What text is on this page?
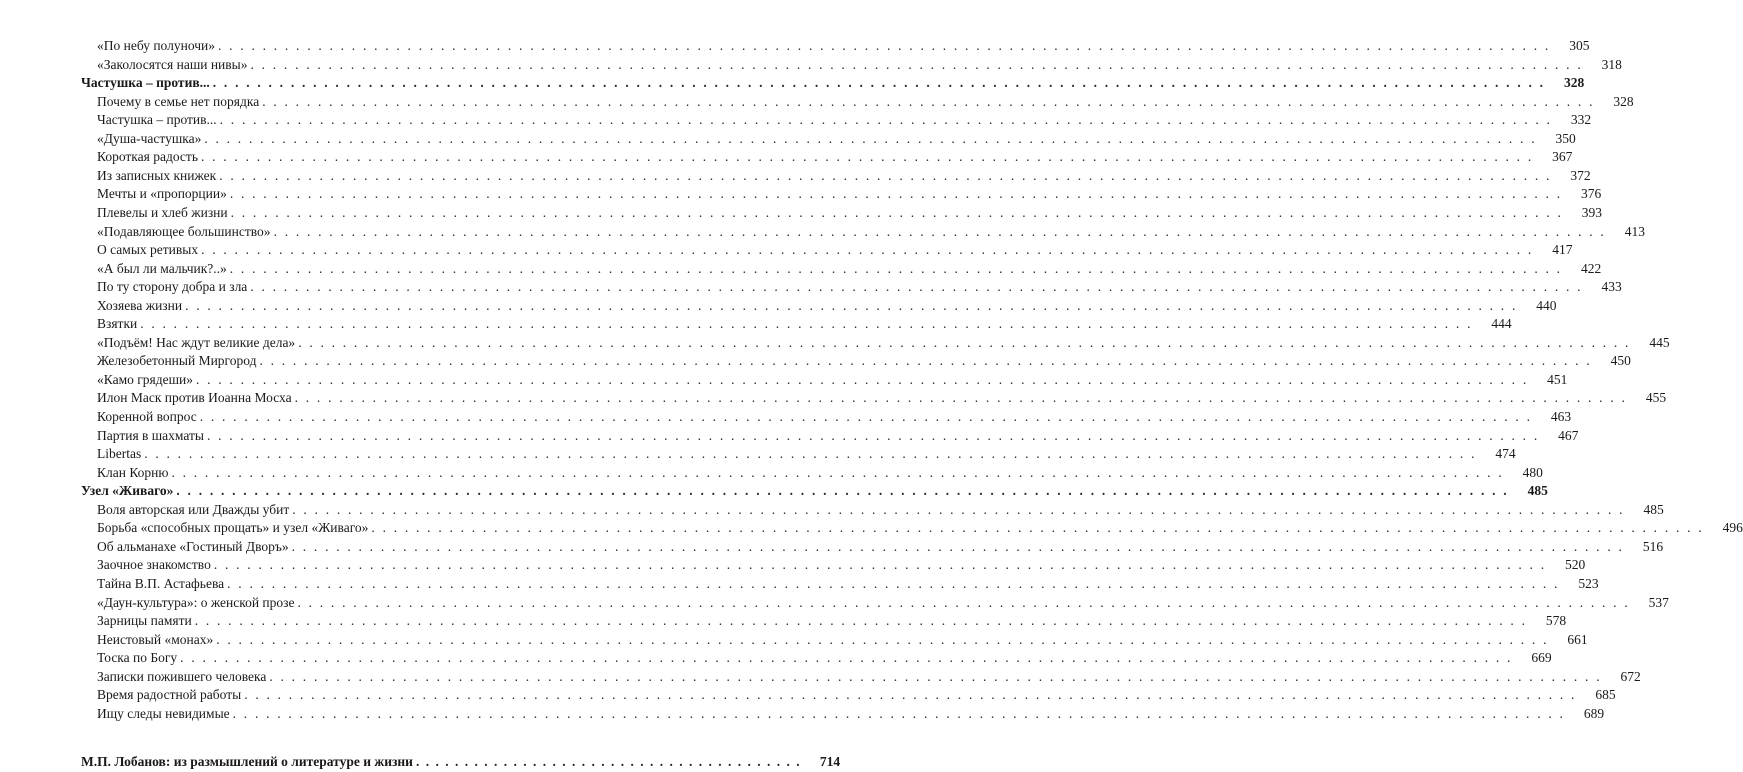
«По небу полуночи» . . . . . . . . . . . . . . . . . . . . . . . . . . . . . . . . . . . . . . . . . . . . . . . . . . . . . . . . . . . . . . . . . . . . . . . . . . . . . . . . . . . . . . . . . . . . . . . . . . . . . . . . . . . . . . . . . . . . . . . .	305
«Заколосятся наши нивы» . . . . . . . . . . . . . . . . . . . . . . . . . . . . . . . . . . . . . . . . . . . . . . . . . . . . . . . . . . . . . . . . . . . . . . . . . . . . . . . . . . . . . . . . . . . . . . . . . . . . . . . . . . . . . . . . . . . . . . . .	318
Частушка – против... . . . . . . . . . . . . . . . . . . . . . . . . . . . . . . . . . . . . . . . . . . . . . . . . . . . . . . . . . . . . . . . . . . . . . . . . . . . . . . . . . . . . . . . . . . . . . . . . . . . . . . . . . . . . . . . . . . . . . . . .	328
Почему в семье нет порядка . . . . . . . . . . . . . . . . . . . . . . . . . . . . . . . . . . . . . . . . . . . . . . . . . . . . . . . . . . . . . . . . . . . . . . . . . . . . . . . . . . . . . . . . . . . . . . . . . . . . . . . . . . . . . . . . . . . . . . . .	328
Частушка – против... . . . . . . . . . . . . . . . . . . . . . . . . . . . . . . . . . . . . . . . . . . . . . . . . . . . . . . . . . . . . . . . . . . . . . . . . . . . . . . . . . . . . . . . . . . . . . . . . . . . . . . . . . . . . . . . . . . . . . . . .	332
«Душа-частушка» . . . . . . . . . . . . . . . . . . . . . . . . . . . . . . . . . . . . . . . . . . . . . . . . . . . . . . . . . . . . . . . . . . . . . . . . . . . . . . . . . . . . . . . . . . . . . . . . . . . . . . . . . . . . . . . . . . . . . . . .	350
Короткая радость . . . . . . . . . . . . . . . . . . . . . . . . . . . . . . . . . . . . . . . . . . . . . . . . . . . . . . . . . . . . . . . . . . . . . . . . . . . . . . . . . . . . . . . . . . . . . . . . . . . . . . . . . . . . . . . . . . . . . . . .	367
Из записных книжек . . . . . . . . . . . . . . . . . . . . . . . . . . . . . . . . . . . . . . . . . . . . . . . . . . . . . . . . . . . . . . . . . . . . . . . . . . . . . . . . . . . . . . . . . . . . . . . . . . . . . . . . . . . . . . . . . . . . . . . .	372
Мечты и «пропорции» . . . . . . . . . . . . . . . . . . . . . . . . . . . . . . . . . . . . . . . . . . . . . . . . . . . . . . . . . . . . . . . . . . . . . . . . . . . . . . . . . . . . . . . . . . . . . . . . . . . . . . . . . . . . . . . . . . . . . . . .	376
Плевелы и хлеб жизни . . . . . . . . . . . . . . . . . . . . . . . . . . . . . . . . . . . . . . . . . . . . . . . . . . . . . . . . . . . . . . . . . . . . . . . . . . . . . . . . . . . . . . . . . . . . . . . . . . . . . . . . . . . . . . . . . . . . . . . .	393
«Подавляющее большинство» . . . . . . . . . . . . . . . . . . . . . . . . . . . . . . . . . . . . . . . . . . . . . . . . . . . . . . . . . . . . . . . . . . . . . . . . . . . . . . . . . . . . . . . . . . . . . . . . . . . . . . . . . . . . . . . . . . . . . . . .	413
О самых ретивых . . . . . . . . . . . . . . . . . . . . . . . . . . . . . . . . . . . . . . . . . . . . . . . . . . . . . . . . . . . . . . . . . . . . . . . . . . . . . . . . . . . . . . . . . . . . . . . . . . . . . . . . . . . . . . . . . . . . . . . .	417
«А был ли мальчик?..» . . . . . . . . . . . . . . . . . . . . . . . . . . . . . . . . . . . . . . . . . . . . . . . . . . . . . . . . . . . . . . . . . . . . . . . . . . . . . . . . . . . . . . . . . . . . . . . . . . . . . . . . . . . . . . . . . . . . . . . .	422
По ту сторону добра и зла . . . . . . . . . . . . . . . . . . . . . . . . . . . . . . . . . . . . . . . . . . . . . . . . . . . . . . . . . . . . . . . . . . . . . . . . . . . . . . . . . . . . . . . . . . . . . . . . . . . . . . . . . . . . . . . . . . . . . . . .	433
Хозяева жизни . . . . . . . . . . . . . . . . . . . . . . . . . . . . . . . . . . . . . . . . . . . . . . . . . . . . . . . . . . . . . . . . . . . . . . . . . . . . . . . . . . . . . . . . . . . . . . . . . . . . . . . . . . . . . . . . . . . . . . . .	440
Взятки . . . . . . . . . . . . . . . . . . . . . . . . . . . . . . . . . . . . . . . . . . . . . . . . . . . . . . . . . . . . . . . . . . . . . . . . . . . . . . . . . . . . . . . . . . . . . . . . . . . . . . . . . . . . . . . . . . . . . . . .	444
«Подъём! Нас ждут великие дела» . . . . . . . . . . . . . . . . . . . . . . . . . . . . . . . . . . . . . . . . . . . . . . . . . . . . . . . . . . . . . . . . . . . . . . . . . . . . . . . . . . . . . . . . . . . . . . . . . . . . . . . . . . . . . . . . . . . . . . . .	445
Железобетонный Миргород . . . . . . . . . . . . . . . . . . . . . . . . . . . . . . . . . . . . . . . . . . . . . . . . . . . . . . . . . . . . . . . . . . . . . . . . . . . . . . . . . . . . . . . . . . . . . . . . . . . . . . . . . . . . . . . . . . . . . . . .	450
«Камо грядеши» . . . . . . . . . . . . . . . . . . . . . . . . . . . . . . . . . . . . . . . . . . . . . . . . . . . . . . . . . . . . . . . . . . . . . . . . . . . . . . . . . . . . . . . . . . . . . . . . . . . . . . . . . . . . . . . . . . . . . . . .	451
Илон Маск против Иоанна Мосха . . . . . . . . . . . . . . . . . . . . . . . . . . . . . . . . . . . . . . . . . . . . . . . . . . . . . . . . . . . . . . . . . . . . . . . . . . . . . . . . . . . . . . . . . . . . . . . . . . . . . . . . . . . . . . . . . . . . . . . .	455
Коренной вопрос . . . . . . . . . . . . . . . . . . . . . . . . . . . . . . . . . . . . . . . . . . . . . . . . . . . . . . . . . . . . . . . . . . . . . . . . . . . . . . . . . . . . . . . . . . . . . . . . . . . . . . . . . . . . . . . . . . . . . . . .	463
Партия в шахматы . . . . . . . . . . . . . . . . . . . . . . . . . . . . . . . . . . . . . . . . . . . . . . . . . . . . . . . . . . . . . . . . . . . . . . . . . . . . . . . . . . . . . . . . . . . . . . . . . . . . . . . . . . . . . . . . . . . . . . . .	467
Libertas . . . . . . . . . . . . . . . . . . . . . . . . . . . . . . . . . . . . . . . . . . . . . . . . . . . . . . . . . . . . . . . . . . . . . . . . . . . . . . . . . . . . . . . . . . . . . . . . . . . . . . . . . . . . . . . . . . . . . . . .	474
Клан Корню . . . . . . . . . . . . . . . . . . . . . . . . . . . . . . . . . . . . . . . . . . . . . . . . . . . . . . . . . . . . . . . . . . . . . . . . . . . . . . . . . . . . . . . . . . . . . . . . . . . . . . . . . . . . . . . . . . . . . . . .	480
Узел «Живаго» . . . . . . . . . . . . . . . . . . . . . . . . . . . . . . . . . . . . . . . . . . . . . . . . . . . . . . . . . . . . . . . . . . . . . . . . . . . . . . . . . . . . . . . . . . . . . . . . . . . . . . . . . . . . . . . . . . . . . . . .	485
Воля авторская или Дважды убит . . . . . . . . . . . . . . . . . . . . . . . . . . . . . . . . . . . . . . . . . . . . . . . . . . . . . . . . . . . . . . . . . . . . . . . . . . . . . . . . . . . . . . . . . . . . . . . . . . . . . . . . . . . . . . . . . . . . . . . .	485
Борьба «способных прощать» и узел «Живаго» . . . . . . . . . . . . . . . . . . . . . . . . . . . . . . . . . . . . . . . . . . . . . . . . . . . . . . . . . . . . . . . . . . . . . . . . . . . . . . . . . . . . . . . . . . . . . . . . . . . . . . . . . . . . . . . . . . . . . . . .	496
Об альманахе «Гостиный Дворъ» . . . . . . . . . . . . . . . . . . . . . . . . . . . . . . . . . . . . . . . . . . . . . . . . . . . . . . . . . . . . . . . . . . . . . . . . . . . . . . . . . . . . . . . . . . . . . . . . . . . . . . . . . . . . . . . . . . . . . . . .	516
Заочное знакомство . . . . . . . . . . . . . . . . . . . . . . . . . . . . . . . . . . . . . . . . . . . . . . . . . . . . . . . . . . . . . . . . . . . . . . . . . . . . . . . . . . . . . . . . . . . . . . . . . . . . . . . . . . . . . . . . . . . . . . . .	520
Тайна В.П. Астафьева . . . . . . . . . . . . . . . . . . . . . . . . . . . . . . . . . . . . . . . . . . . . . . . . . . . . . . . . . . . . . . . . . . . . . . . . . . . . . . . . . . . . . . . . . . . . . . . . . . . . . . . . . . . . . . . . . . . . . . . .	523
«Даун-культура»: о женской прозе . . . . . . . . . . . . . . . . . . . . . . . . . . . . . . . . . . . . . . . . . . . . . . . . . . . . . . . . . . . . . . . . . . . . . . . . . . . . . . . . . . . . . . . . . . . . . . . . . . . . . . . . . . . . . . . . . . . . . . . .	537
Зарницы памяти . . . . . . . . . . . . . . . . . . . . . . . . . . . . . . . . . . . . . . . . . . . . . . . . . . . . . . . . . . . . . . . . . . . . . . . . . . . . . . . . . . . . . . . . . . . . . . . . . . . . . . . . . . . . . . . . . . . . . . . .	578
Неистовый «монах» . . . . . . . . . . . . . . . . . . . . . . . . . . . . . . . . . . . . . . . . . . . . . . . . . . . . . . . . . . . . . . . . . . . . . . . . . . . . . . . . . . . . . . . . . . . . . . . . . . . . . . . . . . . . . . . . . . . . . . . .	661
Тоска по Богу . . . . . . . . . . . . . . . . . . . . . . . . . . . . . . . . . . . . . . . . . . . . . . . . . . . . . . . . . . . . . . . . . . . . . . . . . . . . . . . . . . . . . . . . . . . . . . . . . . . . . . . . . . . . . . . . . . . . . . . .	669
Записки пожившего человека . . . . . . . . . . . . . . . . . . . . . . . . . . . . . . . . . . . . . . . . . . . . . . . . . . . . . . . . . . . . . . . . . . . . . . . . . . . . . . . . . . . . . . . . . . . . . . . . . . . . . . . . . . . . . . . . . . . . . . . .	672
Время радостной работы . . . . . . . . . . . . . . . . . . . . . . . . . . . . . . . . . . . . . . . . . . . . . . . . . . . . . . . . . . . . . . . . . . . . . . . . . . . . . . . . . . . . . . . . . . . . . . . . . . . . . . . . . . . . . . . . . . . . . . . .	685
Ищу следы невидимые . . . . . . . . . . . . . . . . . . . . . . . . . . . . . . . . . . . . . . . . . . . . . . . . . . . . . . . . . . . . . . . . . . . . . . . . . . . . . . . . . . . . . . . . . . . . . . . . . . . . . . . . . . . . . . . . . . . . . . . .	689
М.П. Лобанов: из размышлений о литературе и жизни . . . . . . . . . . . . . . . . . . . . . . . . . . . . . . . . . . . . . . . .	714
